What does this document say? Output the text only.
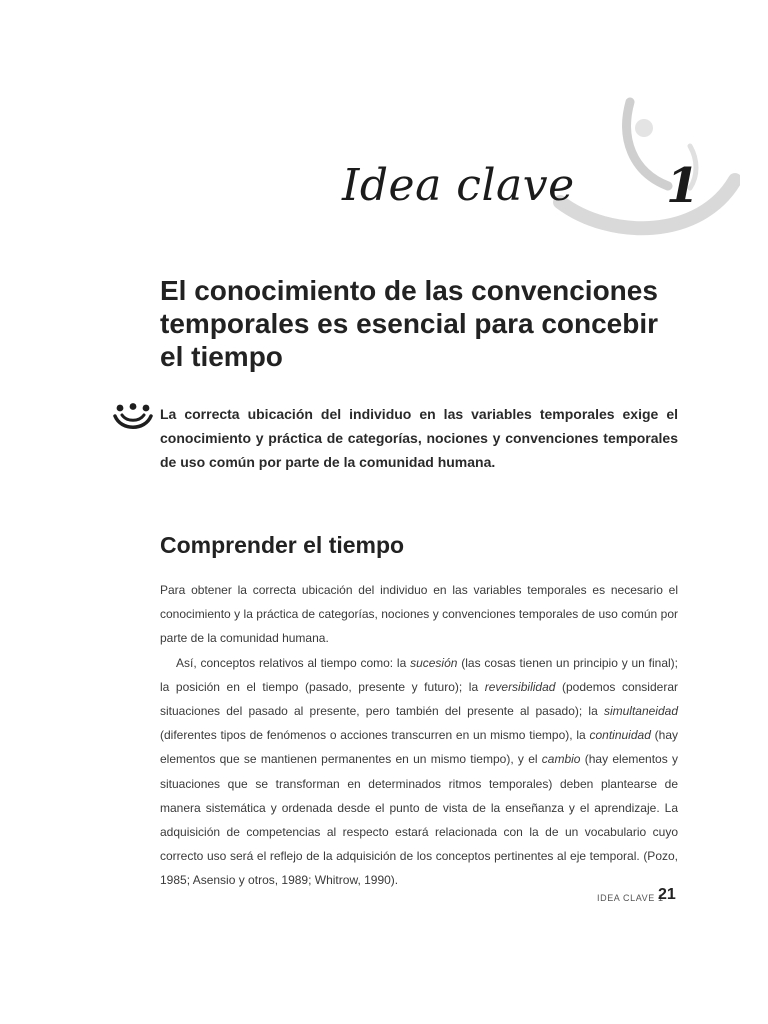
Idea clave 1
El conocimiento de las convenciones temporales es esencial para concebir el tiempo
La correcta ubicación del individuo en las variables temporales exige el conocimiento y práctica de categorías, nociones y convenciones temporales de uso común por parte de la comunidad humana.
Comprender el tiempo

Para obtener la correcta ubicación del individuo en las variables temporales es necesario el conocimiento y la práctica de categorías, nociones y convenciones temporales de uso común por parte de la comunidad humana.

Así, conceptos relativos al tiempo como: la sucesión (las cosas tienen un principio y un final); la posición en el tiempo (pasado, presente y futuro); la reversibilidad (podemos considerar situaciones del pasado al presente, pero también del presente al pasado); la simultaneidad (diferentes tipos de fenómenos o acciones transcurren en un mismo tiempo), la continuidad (hay elementos que se mantienen permanentes en un mismo tiempo), y el cambio (hay elementos y situaciones que se transforman en determinados ritmos temporales) deben plantearse de manera sistemática y ordenada desde el punto de vista de la enseñanza y el aprendizaje. La adquisición de competencias al respecto estará relacionada con la de un vocabulario cuyo correcto uso será el reflejo de la adquisición de los conceptos pertinentes al eje temporal. (Pozo, 1985; Asensio y otros, 1989; Whitrow, 1990).

IDEA CLAVE 1
21
